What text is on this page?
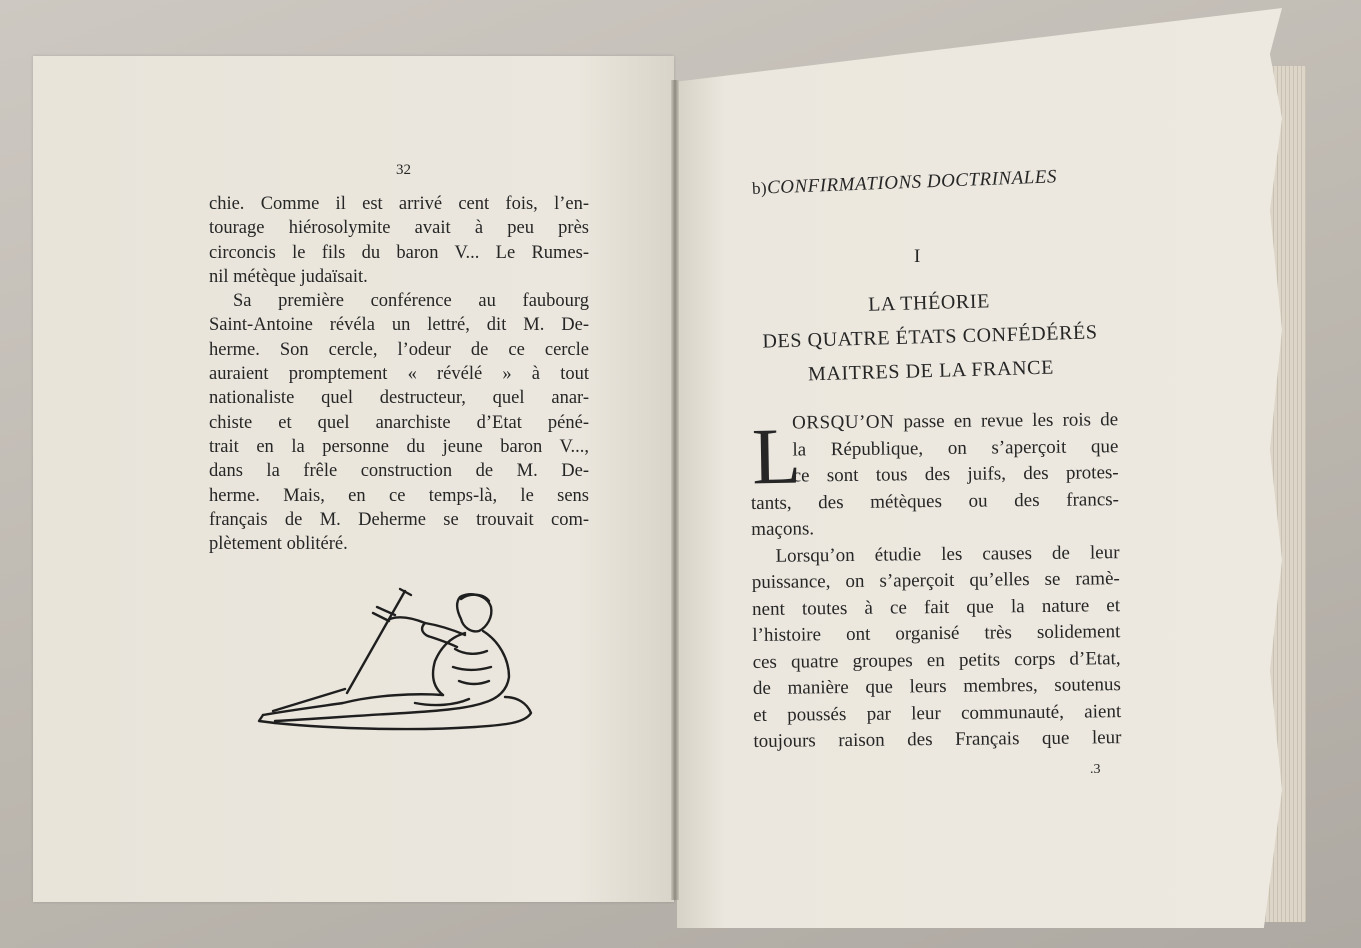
32
chie. Comme il est arrivé cent fois, l’en-
tourage hiérosolymite avait à peu près
circoncis le fils du baron V... Le Rumes-
nil métèque judaïsait.
Sa première conférence au faubourg
Saint-Antoine révéla un lettré, dit M. De-
herme. Son cercle, l’odeur de ce cercle
auraient promptement « révélé » à tout
nationaliste quel destructeur, quel anar-
chiste et quel anarchiste d’Etat péné-
trait en la personne du jeune baron V...,
dans la frêle construction de M. De-
herme. Mais, en ce temps-là, le sens
français de M. Deherme se trouvait com-
plètement oblitéré.
b)CONFIRMATIONS DOCTRINALES
I
LA THÉORIE
DES QUATRE ÉTATS CONFÉDÉRÉS
MAITRES DE LA FRANCE
L
ORSQU’ON passe en revue les rois de
la République, on s’aperçoit que
ce sont tous des juifs, des protes-
tants, des métèques ou des francs-
maçons.
Lorsqu’on étudie les causes de leur
puissance, on s’aperçoit qu’elles se ramè-
nent toutes à ce fait que la nature et
l’histoire ont organisé très solidement
ces quatre groupes en petits corps d’Etat,
de manière que leurs membres, soutenus
et poussés par leur communauté, aient
toujours raison des Français que leur
.3
